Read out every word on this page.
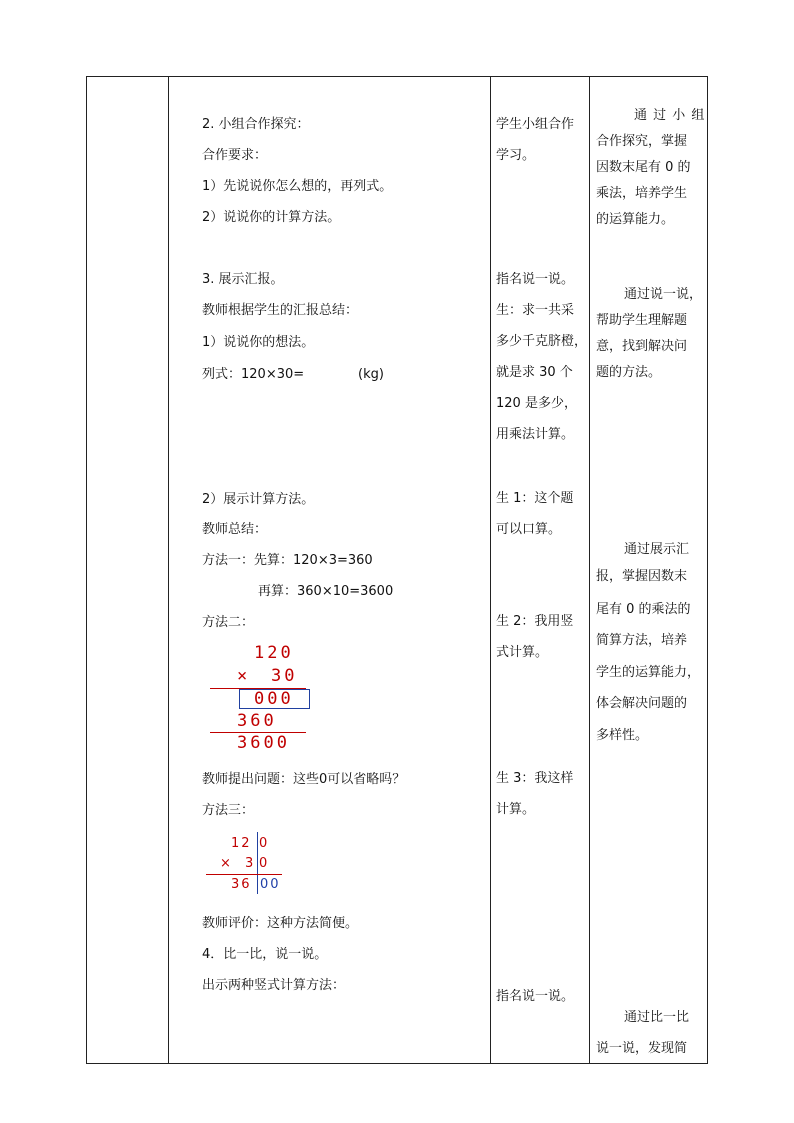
2. 小组合作探究：
合作要求：
1）先说说你怎么想的，再列式。
2）说说你的计算方法。
3. 展示汇报。
教师根据学生的汇报总结：
1）说说你的想法。
列式：120×30=	(kg)
2）展示计算方法。
教师总结：
方法一：先算：120×3=360
再算：360×10=3600
方法二：
120
× 30
000
360
3600
教师提出问题：这些0可以省略吗？
方法三：
12 0
× 3 0
36 00
教师评价：这种方法简便。
4．比一比，说一说。
出示两种竖式计算方法：
学生小组合作
学习。
指名说一说。
生：求一共采
多少千克脐橙，
就是求 30 个
120 是多少，
用乘法计算。
生 1：这个题
可以口算。
生 2：我用竖
式计算。
生 3：我这样
计算。
指名说一说。
通 过 小 组
合作探究，掌握
因数末尾有 0 的
乘法，培养学生
的运算能力。
通过说一说，
帮助学生理解题
意，找到解决问
题的方法。
通过展示汇
报，掌握因数末
尾有 0 的乘法的
简算方法，培养
学生的运算能力，
体会解决问题的
多样性。
通过比一比
说一说，发现简
